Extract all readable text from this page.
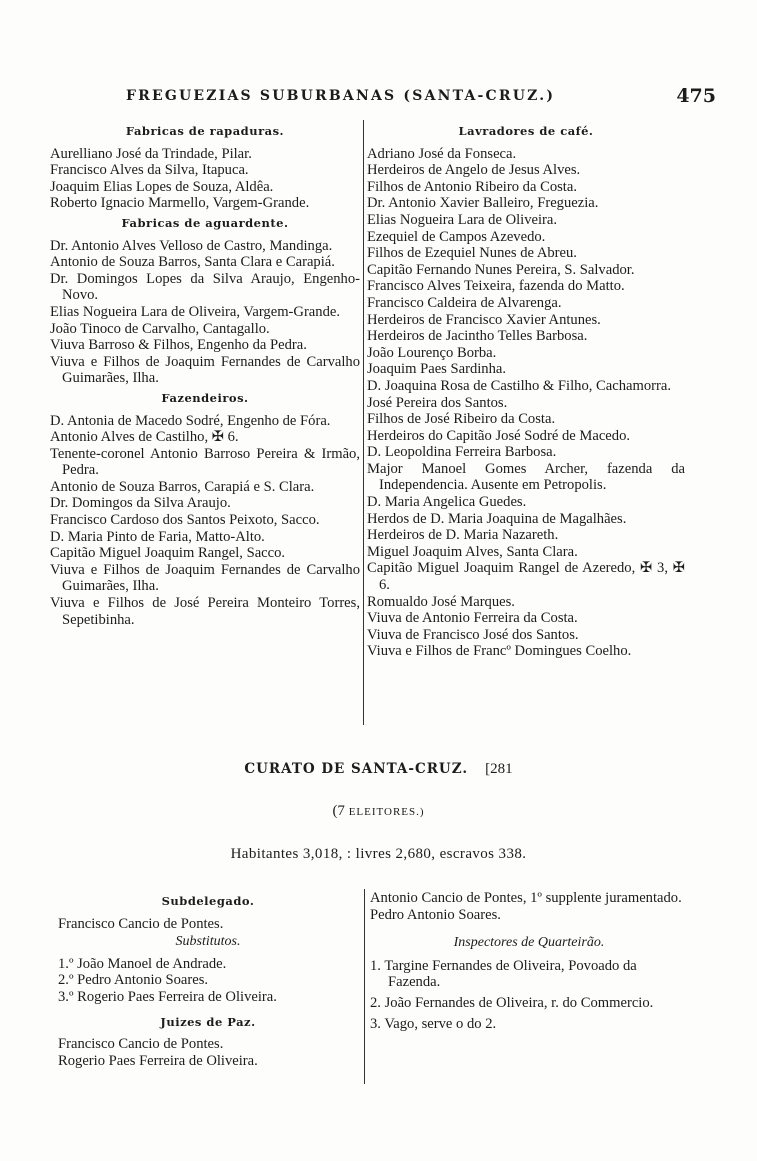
FREGUEZIAS SUBURBANAS (SANTA-CRUZ.)	475
Fabricas de rapaduras.
Aurelliano José da Trindade, Pilar.
Francisco Alves da Silva, Itapuca.
Joaquim Elias Lopes de Souza, Aldêa.
Roberto Ignacio Marmello, Vargem-Grande.
Fabricas de aguardente.
Dr. Antonio Alves Velloso de Castro, Mandinga.
Antonio de Souza Barros, Santa Clara e Carapiá.
Dr. Domingos Lopes da Silva Araujo, Engenho-Novo.
Elias Nogueira Lara de Oliveira, Vargem-Grande.
João Tinoco de Carvalho, Cantagallo.
Viuva Barroso & Filhos, Engenho da Pedra.
Viuva e Filhos de Joaquim Fernandes de Carvalho Guimarães, Ilha.
Fazendeiros.
D. Antonia de Macedo Sodré, Engenho de Fóra.
Antonio Alves de Castilho, ✠ 6.
Tenente-coronel Antonio Barroso Pereira & Irmão, Pedra.
Antonio de Souza Barros, Carapiá e S. Clara.
Dr. Domingos da Silva Araujo.
Francisco Cardoso dos Santos Peixoto, Sacco.
D. Maria Pinto de Faria, Matto-Alto.
Capitão Miguel Joaquim Rangel, Sacco.
Viuva e Filhos de Joaquim Fernandes de Carvalho Guimarães, Ilha.
Viuva e Filhos de José Pereira Monteiro Torres, Sepetibinha.
Lavradores de café.
Adriano José da Fonseca.
Herdeiros de Angelo de Jesus Alves.
Filhos de Antonio Ribeiro da Costa.
Dr. Antonio Xavier Balleiro, Freguezia.
Elias Nogueira Lara de Oliveira.
Ezequiel de Campos Azevedo.
Filhos de Ezequiel Nunes de Abreu.
Capitão Fernando Nunes Pereira, S. Salvador.
Francisco Alves Teixeira, fazenda do Matto.
Francisco Caldeira de Alvarenga.
Herdeiros de Francisco Xavier Antunes.
Herdeiros de Jacintho Telles Barbosa.
João Lourenço Borba.
Joaquim Paes Sardinha.
D. Joaquina Rosa de Castilho & Filho, Cachamorra.
José Pereira dos Santos.
Filhos de José Ribeiro da Costa.
Herdeiros do Capitão José Sodré de Macedo.
D. Leopoldina Ferreira Barbosa.
Major Manoel Gomes Archer, fazenda da Independencia. Ausente em Petropolis.
D. Maria Angelica Guedes.
Herdos de D. Maria Joaquina de Magalhães.
Herdeiros de D. Maria Nazareth.
Miguel Joaquim Alves, Santa Clara.
Capitão Miguel Joaquim Rangel de Azeredo, ✠ 3, ✠ 6.
Romualdo José Marques.
Viuva de Antonio Ferreira da Costa.
Viuva de Francisco José dos Santos.
Viuva e Filhos de Francº Domingues Coelho.
CURATO DE SANTA-CRUZ. [281
(7 ELEITORES.)
Habitantes 3,018, : livres 2,680, escravos 338.
Subdelegado.
Francisco Cancio de Pontes.
Substitutos.
1.º João Manoel de Andrade.
2.º Pedro Antonio Soares.
3.º Rogerio Paes Ferreira de Oliveira.
Juizes de Paz.
Francisco Cancio de Pontes.
Rogerio Paes Ferreira de Oliveira.
Antonio Cancio de Pontes, 1º supplente juramentado.
Pedro Antonio Soares.
Inspectores de Quarteirão.
1. Targine Fernandes de Oliveira, Povoado da Fazenda.
2. João Fernandes de Oliveira, r. do Commercio.
3. Vago, serve o do 2.
